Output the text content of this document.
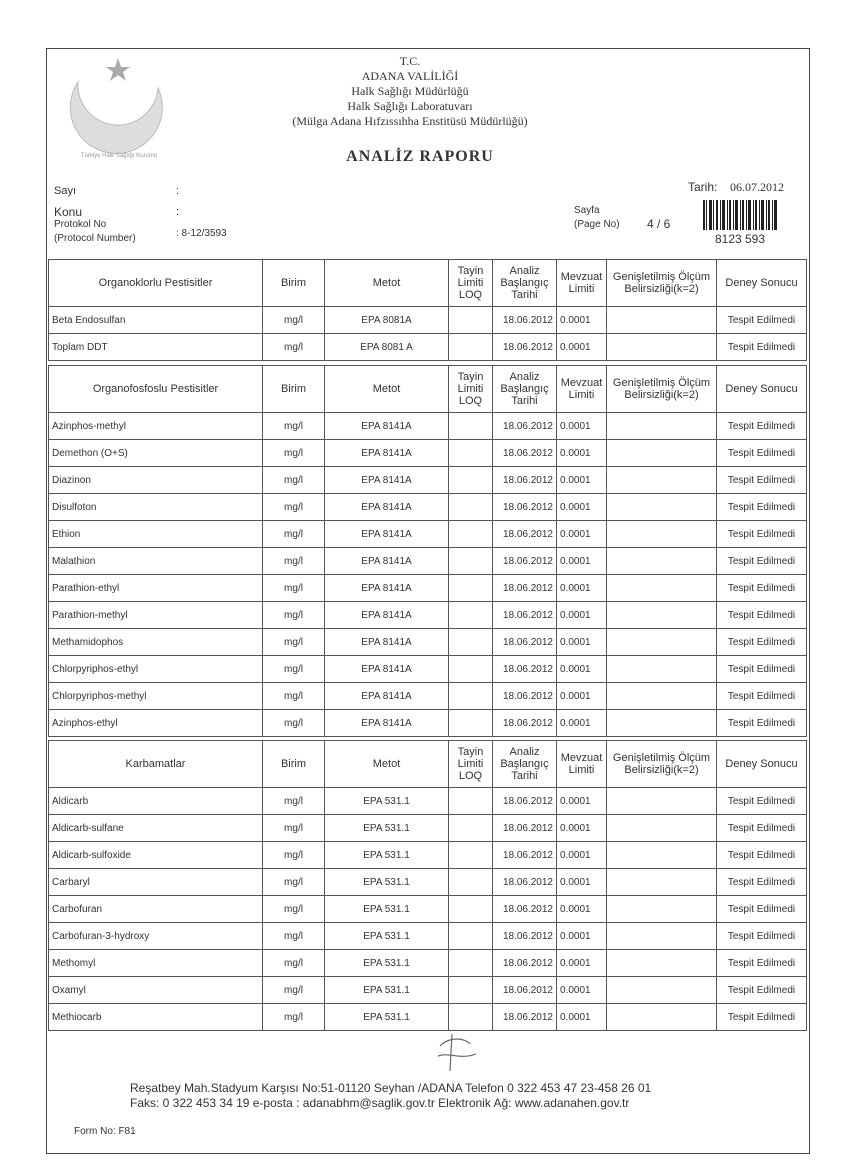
Türkiye Halk Sağlığı Kurumu
T.C.
ADANA VALİLİĞİ
Halk Sağlığı Müdürlüğü
Halk Sağlığı Laboratuvarı
(Mülga Adana Hıfzıssıhha Enstitüsü Müdürlüğü)
ANALİZ RAPORU
Sayı	:
Konu	:
Protokol No
(Protocol Number)	: 8-12/3593
Tarih: 06.07.2012
Sayfa
(Page No) 4 / 6
8123 593
Organoklorlu Pestisitler	Birim	Metot	Tayin Limiti LOQ	Analiz Başlangıç Tarihi	Mevzuat Limiti	Genişletilmiş Ölçüm Belirsizliği(k=2)	Deney Sonucu
Beta Endosulfan	mg/l	EPA 8081A		18.06.2012	0.0001		Tespit Edilmedi
Toplam DDT	mg/l	EPA 8081 A		18.06.2012	0.0001		Tespit Edilmedi
Organofosfoslu Pestisitler	Birim	Metot	Tayin Limiti LOQ	Analiz Başlangıç Tarihi	Mevzuat Limiti	Genişletilmiş Ölçüm Belirsizliği(k=2)	Deney Sonucu
Azinphos-methyl	mg/l	EPA 8141A		18.06.2012	0.0001		Tespit Edilmedi
Demethon (O+S)	mg/l	EPA 8141A		18.06.2012	0.0001		Tespit Edilmedi
Diazinon	mg/l	EPA 8141A		18.06.2012	0.0001		Tespit Edilmedi
Disulfoton	mg/l	EPA 8141A		18.06.2012	0.0001		Tespit Edilmedi
Ethion	mg/l	EPA 8141A		18.06.2012	0.0001		Tespit Edilmedi
Malathion	mg/l	EPA 8141A		18.06.2012	0.0001		Tespit Edilmedi
Parathion-ethyl	mg/l	EPA 8141A		18.06.2012	0.0001		Tespit Edilmedi
Parathion-methyl	mg/l	EPA 8141A		18.06.2012	0.0001		Tespit Edilmedi
Methamidophos	mg/l	EPA 8141A		18.06.2012	0.0001		Tespit Edilmedi
Chlorpyriphos-ethyl	mg/l	EPA 8141A		18.06.2012	0.0001		Tespit Edilmedi
Chlorpyriphos-methyl	mg/l	EPA 8141A		18.06.2012	0.0001		Tespit Edilmedi
Azinphos-ethyl	mg/l	EPA 8141A		18.06.2012	0.0001		Tespit Edilmedi
Karbamatlar	Birim	Metot	Tayin Limiti LOQ	Analiz Başlangıç Tarihi	Mevzuat Limiti	Genişletilmiş Ölçüm Belirsizliği(k=2)	Deney Sonucu
Aldicarb	mg/l	EPA 531.1		18.06.2012	0.0001		Tespit Edilmedi
Aldicarb-sulfane	mg/l	EPA 531.1		18.06.2012	0.0001		Tespit Edilmedi
Aldicarb-sulfoxide	mg/l	EPA 531.1		18.06.2012	0.0001		Tespit Edilmedi
Carbaryl	mg/l	EPA 531.1		18.06.2012	0.0001		Tespit Edilmedi
Carbofuran	mg/l	EPA 531.1		18.06.2012	0.0001		Tespit Edilmedi
Carbofuran-3-hydroxy	mg/l	EPA 531.1		18.06.2012	0.0001		Tespit Edilmedi
Methomyl	mg/l	EPA 531.1		18.06.2012	0.0001		Tespit Edilmedi
Oxamyl	mg/l	EPA 531.1		18.06.2012	0.0001		Tespit Edilmedi
Methiocarb	mg/l	EPA 531.1		18.06.2012	0.0001		Tespit Edilmedi
Reşatbey Mah.Stadyum Karşısı No:51-01120 Seyhan /ADANA Telefon 0 322 453 47 23-458 26 01
Faks: 0 322 453 34 19 e-posta : adanabhm@saglik.gov.tr Elektronik Ağ: www.adanahen.gov.tr
Form No: F81
